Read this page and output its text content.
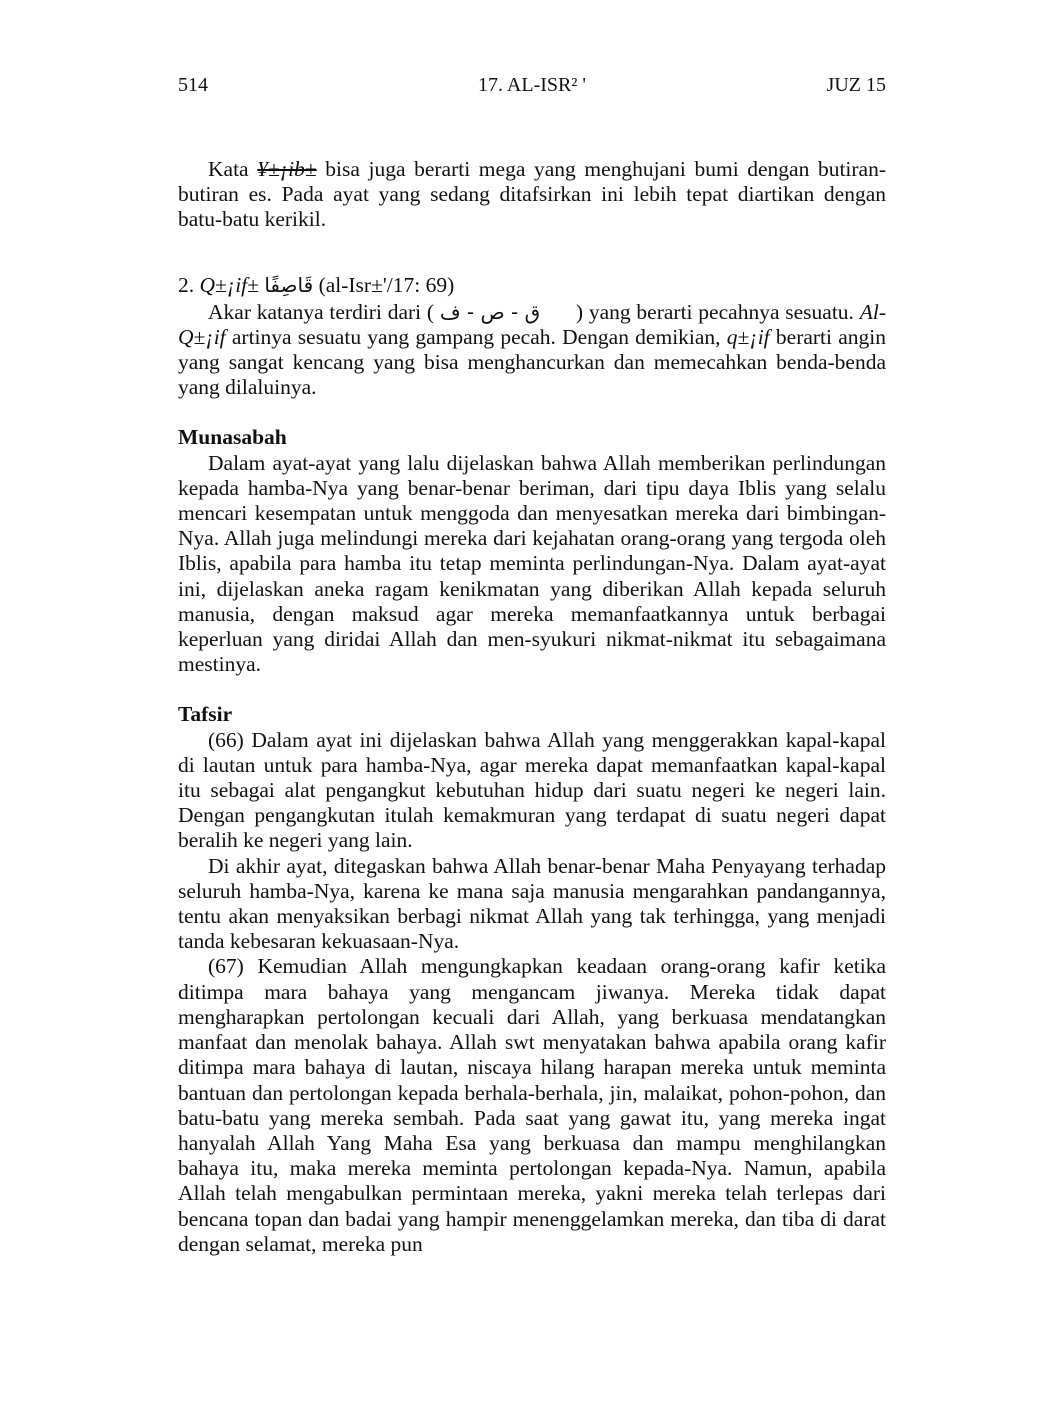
514	17. AL-ISR² '	JUZ 15

Kata ¥±¡ib± bisa juga berarti mega yang menghujani bumi dengan butiran-butiran es. Pada ayat yang sedang ditafsirkan ini lebih tepat diartikan dengan batu-batu kerikil.

2. Q±¡if± قَاصِفًا (al-Isr±'/17: 69)

Akar katanya terdiri dari ( ق - ص - ف ) yang berarti pecahnya sesuatu. Al-Q±¡if artinya sesuatu yang gampang pecah. Dengan demikian, q±¡if berarti angin yang sangat kencang yang bisa menghancurkan dan memecahkan benda-benda yang dilaluinya.

Munasabah

Dalam ayat-ayat yang lalu dijelaskan bahwa Allah memberikan perlindungan kepada hamba-Nya yang benar-benar beriman, dari tipu daya Iblis yang selalu mencari kesempatan untuk menggoda dan menyesatkan mereka dari bimbingan-Nya. Allah juga melindungi mereka dari kejahatan orang-orang yang tergoda oleh Iblis, apabila para hamba itu tetap meminta perlindungan-Nya. Dalam ayat-ayat ini, dijelaskan aneka ragam kenikmatan yang diberikan Allah kepada seluruh manusia, dengan maksud agar mereka memanfaatkannya untuk berbagai keperluan yang diridai Allah dan men-syukuri nikmat-nikmat itu sebagaimana mestinya.

Tafsir

(66) Dalam ayat ini dijelaskan bahwa Allah yang menggerakkan kapal-kapal di lautan untuk para hamba-Nya, agar mereka dapat memanfaatkan kapal-kapal itu sebagai alat pengangkut kebutuhan hidup dari suatu negeri ke negeri lain. Dengan pengangkutan itulah kemakmuran yang terdapat di suatu negeri dapat beralih ke negeri yang lain.

Di akhir ayat, ditegaskan bahwa Allah benar-benar Maha Penyayang terhadap seluruh hamba-Nya, karena ke mana saja manusia mengarahkan pandangannya, tentu akan menyaksikan berbagi nikmat Allah yang tak terhingga, yang menjadi tanda kebesaran kekuasaan-Nya.

(67) Kemudian Allah mengungkapkan keadaan orang-orang kafir ketika ditimpa mara bahaya yang mengancam jiwanya. Mereka tidak dapat mengharapkan pertolongan kecuali dari Allah, yang berkuasa mendatangkan manfaat dan menolak bahaya. Allah swt menyatakan bahwa apabila orang kafir ditimpa mara bahaya di lautan, niscaya hilang harapan mereka untuk meminta bantuan dan pertolongan kepada berhala-berhala, jin, malaikat, pohon-pohon, dan batu-batu yang mereka sembah. Pada saat yang gawat itu, yang mereka ingat hanyalah Allah Yang Maha Esa yang berkuasa dan mampu menghilangkan bahaya itu, maka mereka meminta pertolongan kepada-Nya. Namun, apabila Allah telah mengabulkan permintaan mereka, yakni mereka telah terlepas dari bencana topan dan badai yang hampir menenggelamkan mereka, dan tiba di darat dengan selamat, mereka pun
